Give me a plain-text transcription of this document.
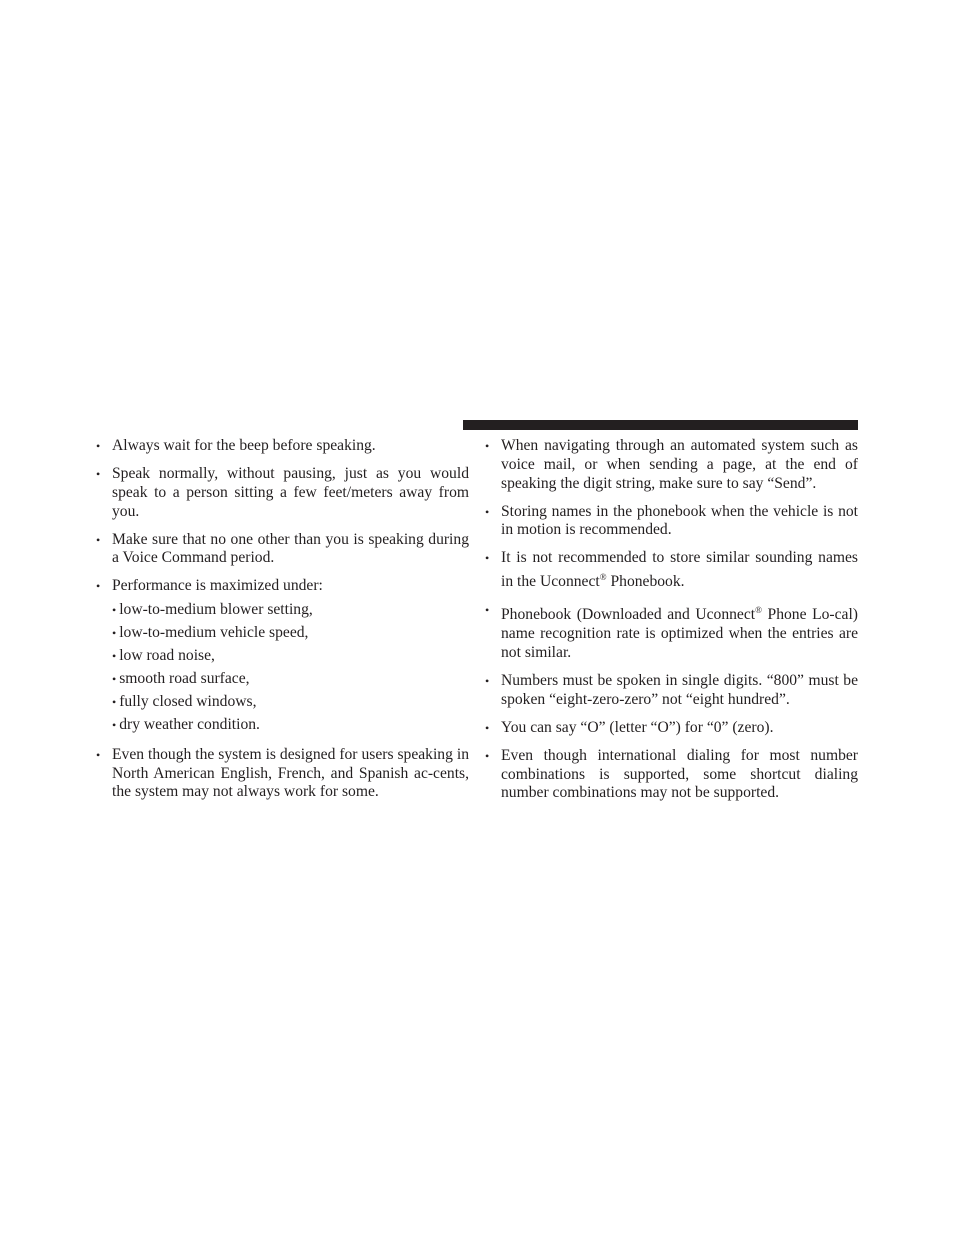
• Always wait for the beep before speaking.
• Speak normally, without pausing, just as you would speak to a person sitting a few feet/meters away from you.
• Make sure that no one other than you is speaking during a Voice Command period.
• Performance is maximized under:
• low-to-medium blower setting,
• low-to-medium vehicle speed,
• low road noise,
• smooth road surface,
• fully closed windows,
• dry weather condition.
• Even though the system is designed for users speaking in North American English, French, and Spanish ac-cents, the system may not always work for some.
• When navigating through an automated system such as voice mail, or when sending a page, at the end of speaking the digit string, make sure to say “Send”.
• Storing names in the phonebook when the vehicle is not in motion is recommended.
• It is not recommended to store similar sounding names in the Uconnect® Phonebook.
• Phonebook (Downloaded and Uconnect® Phone Lo-cal) name recognition rate is optimized when the entries are not similar.
• Numbers must be spoken in single digits. “800” must be spoken “eight-zero-zero” not “eight hundred”.
• You can say “O” (letter “O”) for “0” (zero).
• Even though international dialing for most number combinations is supported, some shortcut dialing number combinations may not be supported.
